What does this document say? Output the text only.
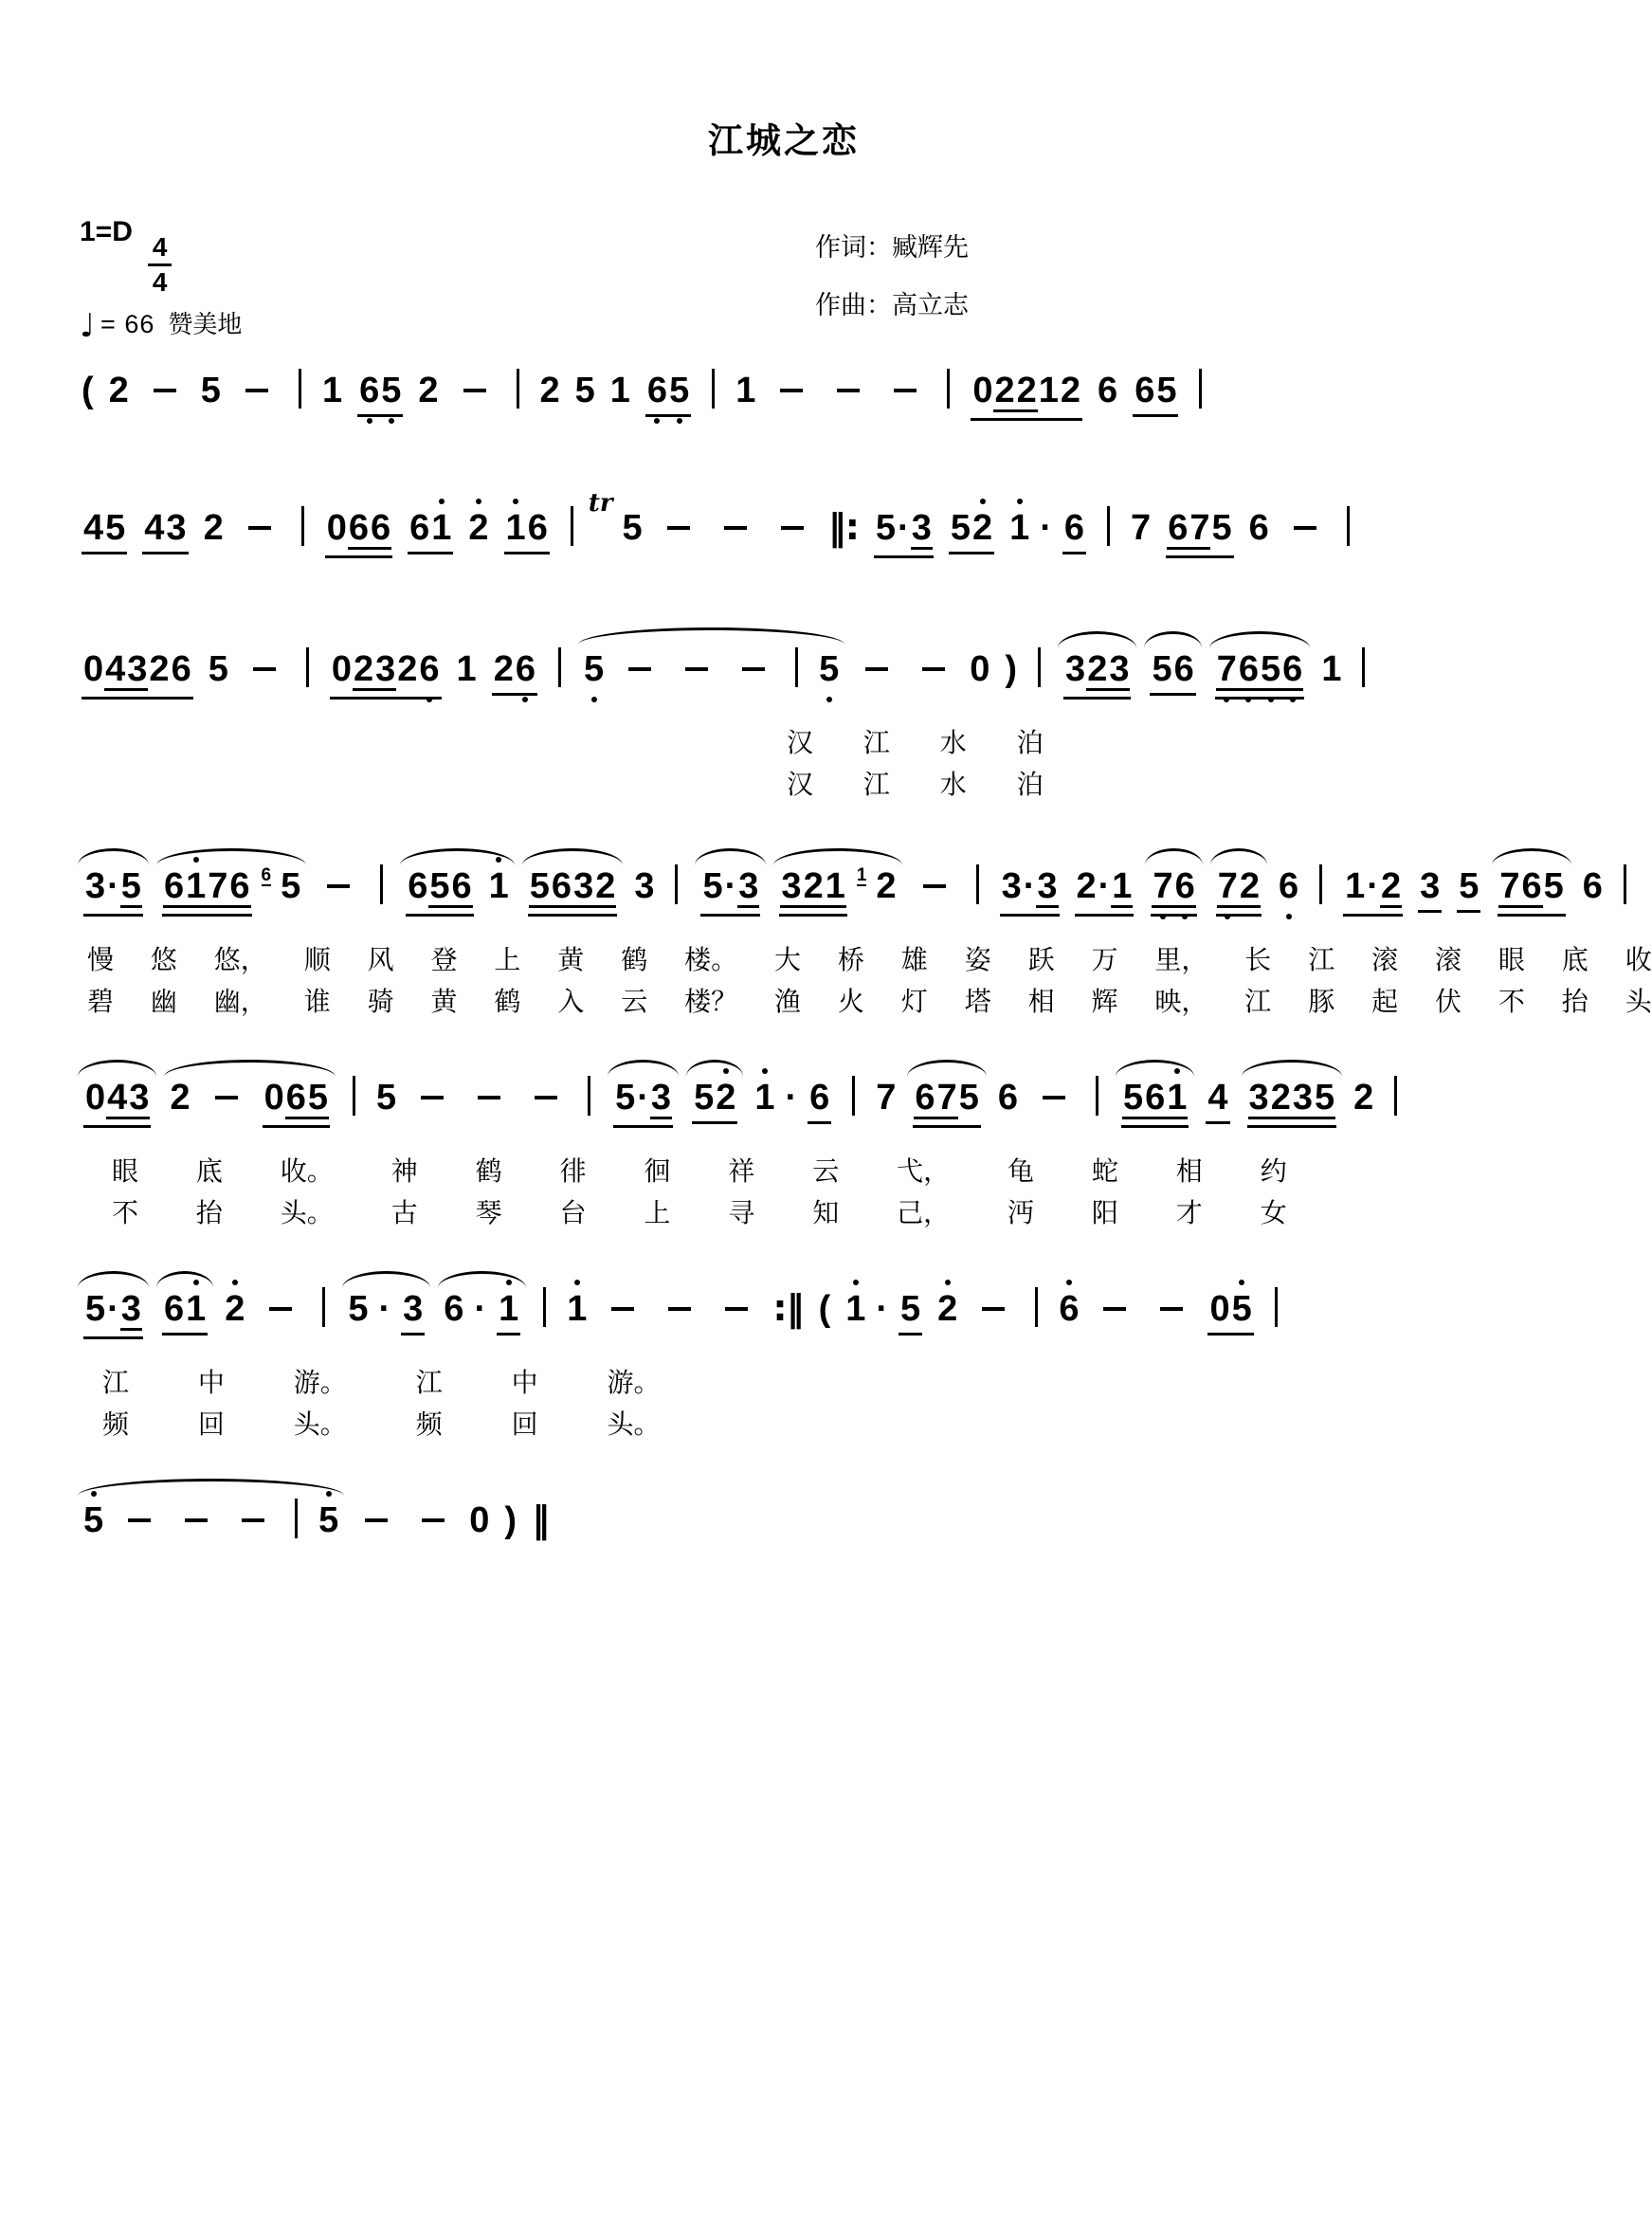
江城之恋
作词：臧辉先
作曲：高立志
1=D
$\frac{4}{4}$
♩ = 66 赞美地
( 2 5	1 65 2	2 5 1 65 1	02212 6 65
45 43 2	066 61 2 16tr5	‖: 5·3 52 1 · 6 7 675 6
04326 5	02326 1 26 5	5	0 ) 323 56 7656 1
汉 江 水 泊
汉 江 水 泊
3·5 6176 6 5	656 1 5632 3 5·3 321 1 2	3·3 2·1 76 72 6 1·2 3 5 765 6
慢 悠 悠， 顺 风 登 上 黄 鹤 楼。 大 桥 雄 姿 跃 万 里， 长 江 滚 滚 眼 底 收
碧 幽 幽， 谁 骑 黄 鹤 入 云 楼？ 渔 火 灯 塔 相 辉 映， 江 豚 起 伏 不 抬 头
043 2 065 5	5·3 52 1 · 6 7 675 6	561 4 3235 2
眼 底 收。 神 鹤 徘 徊 祥 云 弋， 龟 蛇 相 约
不 抬 头。 古 琴 台 上 寻 知 己， 沔 阳 才 女
5·3 61 2	5 · 3 6 · 1 1	:‖ ( 1 · 5 2	6	05
江 中 游。 江 中 游。
频 回 头。 频 回 头。
5	5	0 ) ‖
